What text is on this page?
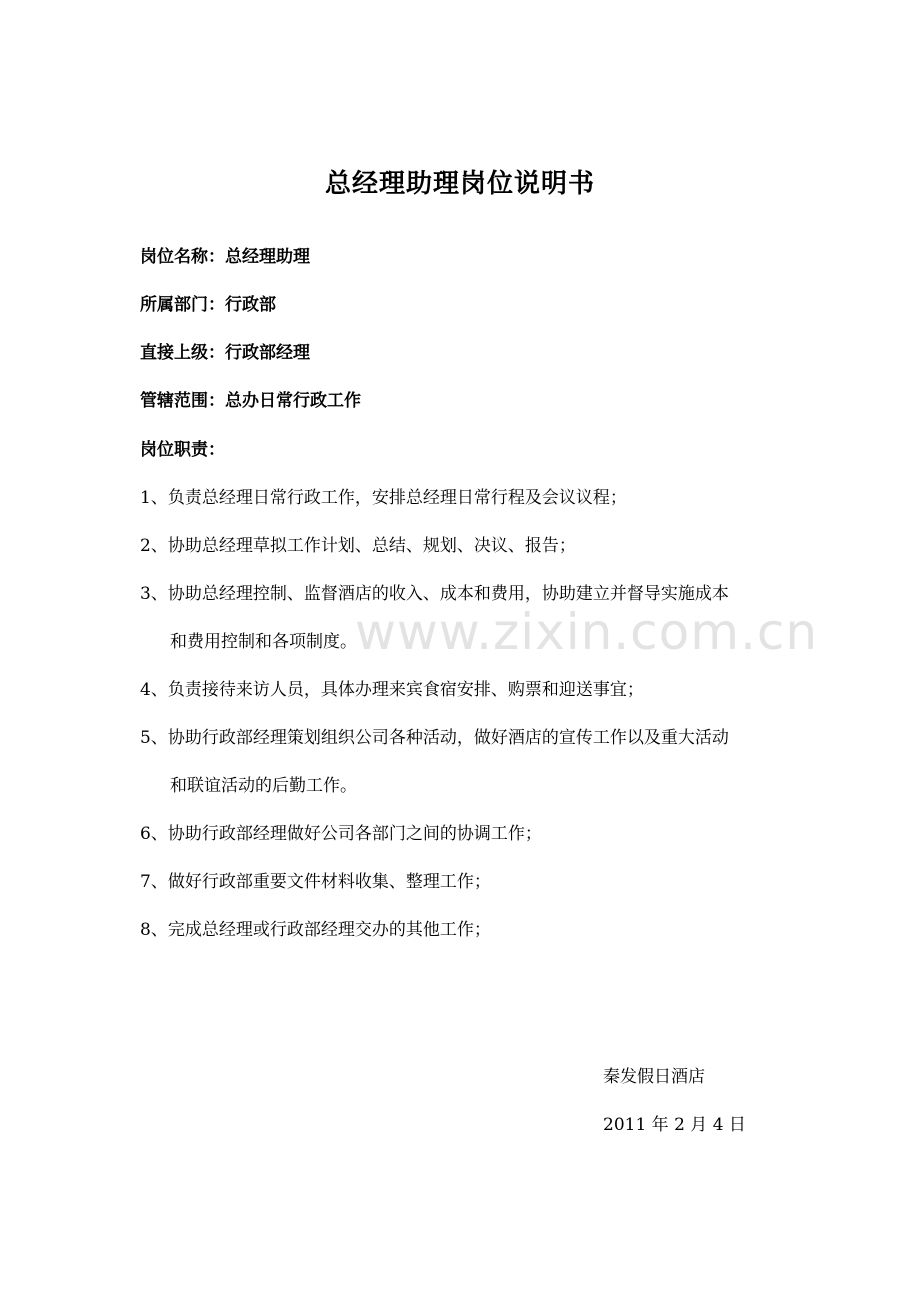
www.zixin.com.cn
总经理助理岗位说明书
岗位名称：总经理助理
所属部门：行政部
直接上级：行政部经理
管辖范围：总办日常行政工作
岗位职责：
1、负责总经理日常行政工作，安排总经理日常行程及会议议程；
2、协助总经理草拟工作计划、总结、规划、决议、报告；
3、协助总经理控制、监督酒店的收入、成本和费用，协助建立并督导实施成本
和费用控制和各项制度。
4、负责接待来访人员，具体办理来宾食宿安排、购票和迎送事宜；
5、协助行政部经理策划组织公司各种活动，做好酒店的宣传工作以及重大活动
和联谊活动的后勤工作。
6、协助行政部经理做好公司各部门之间的协调工作；
7、做好行政部重要文件材料收集、整理工作；
8、完成总经理或行政部经理交办的其他工作；
秦发假日酒店
2011 年 2 月 4 日
